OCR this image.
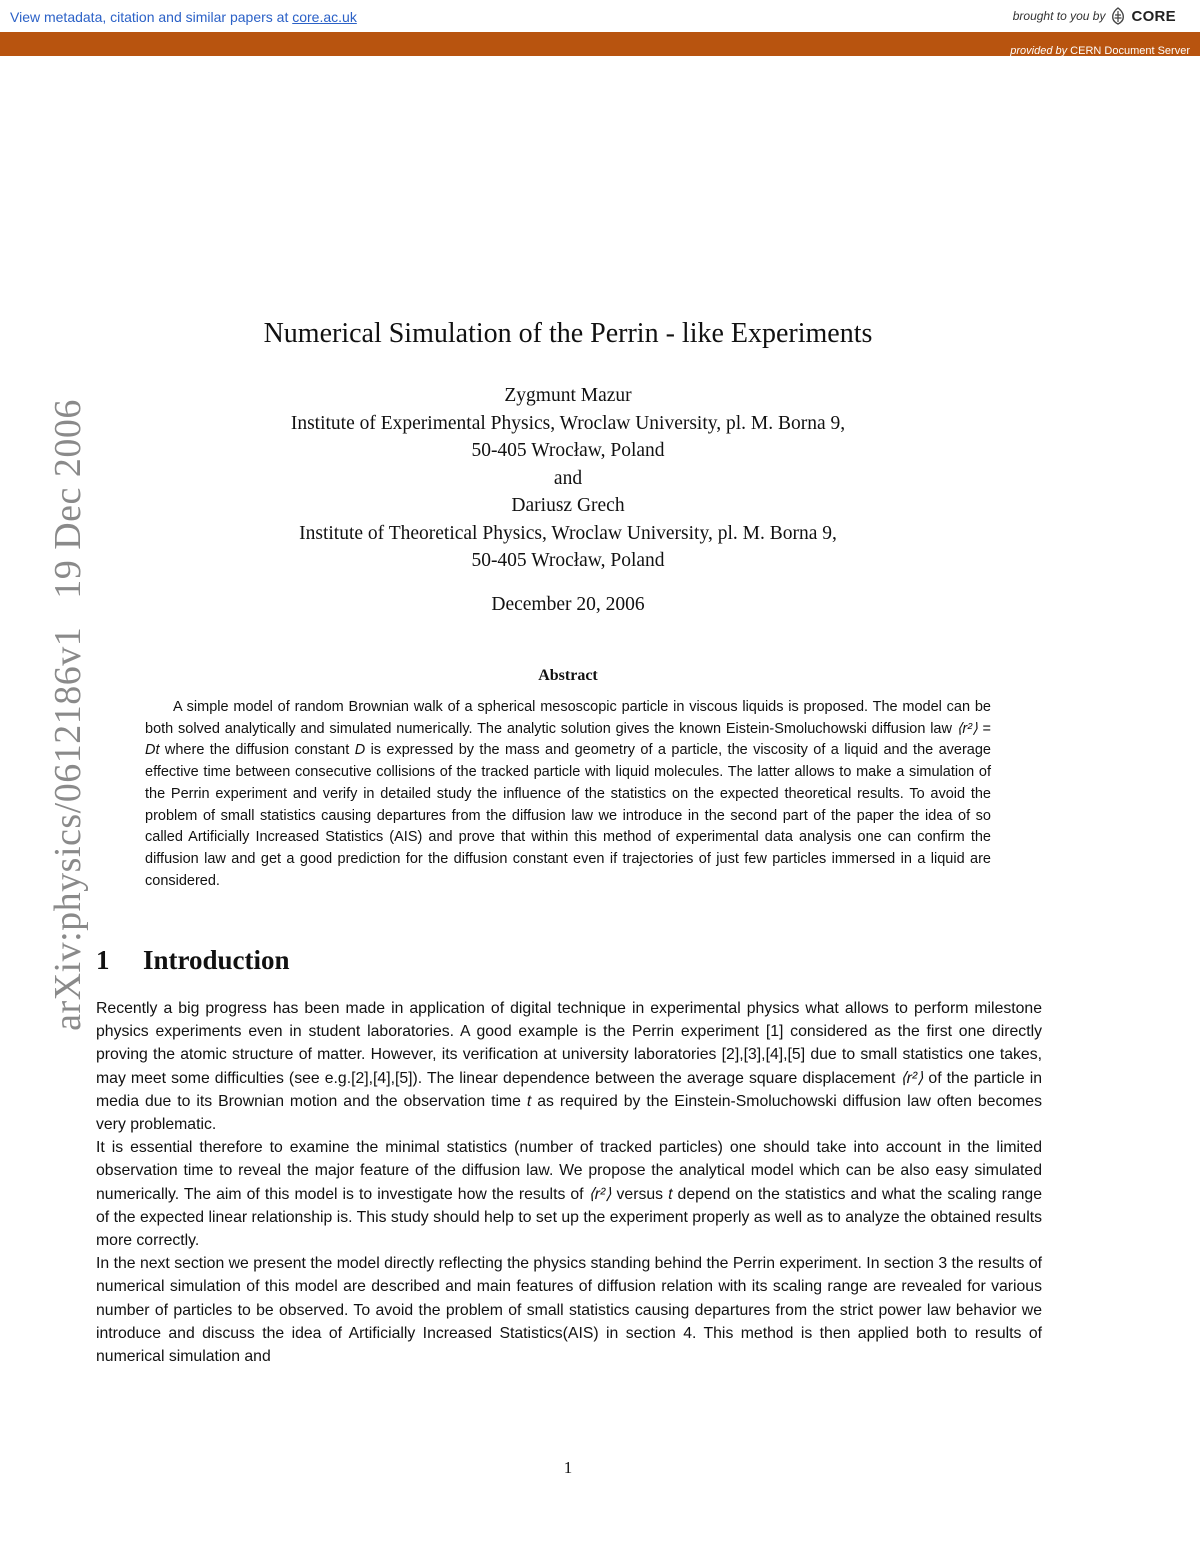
View metadata, citation and similar papers at core.ac.uk	brought to you by CORE
provided by CERN Document Server
arXiv:physics/0612186v119 Dec 2006
Numerical Simulation of the Perrin - like Experiments
Zygmunt Mazur
Institute of Experimental Physics, Wroclaw University, pl. M. Borna 9,
50-405 Wrocław, Poland
and
Dariusz Grech
Institute of Theoretical Physics, Wroclaw University, pl. M. Borna 9,
50-405 Wrocław, Poland
December 20, 2006
Abstract
A simple model of random Brownian walk of a spherical mesoscopic particle in viscous liquids is proposed. The model can be both solved analytically and simulated numerically. The analytic solution gives the known Eistein-Smoluchowski diffusion law ⟨r²⟩ = Dt where the diffusion constant D is expressed by the mass and geometry of a particle, the viscosity of a liquid and the average effective time between consecutive collisions of the tracked particle with liquid molecules. The latter allows to make a simulation of the Perrin experiment and verify in detailed study the influence of the statistics on the expected theoretical results. To avoid the problem of small statistics causing departures from the diffusion law we introduce in the second part of the paper the idea of so called Artificially Increased Statistics (AIS) and prove that within this method of experimental data analysis one can confirm the diffusion law and get a good prediction for the diffusion constant even if trajectories of just few particles immersed in a liquid are considered.
1 Introduction

Recently a big progress has been made in application of digital technique in experimental physics what allows to perform milestone physics experiments even in student laboratories. A good example is the Perrin experiment [1] considered as the first one directly proving the atomic structure of matter. However, its verification at university laboratories [2],[3],[4],[5] due to small statistics one takes, may meet some difficulties (see e.g.[2],[4],[5]). The linear dependence between the average square displacement ⟨r²⟩ of the particle in media due to its Brownian motion and the observation time t as required by the Einstein-Smoluchowski diffusion law often becomes very problematic.

It is essential therefore to examine the minimal statistics (number of tracked particles) one should take into account in the limited observation time to reveal the major feature of the diffusion law. We propose the analytical model which can be also easy simulated numerically. The aim of this model is to investigate how the results of ⟨r²⟩ versus t depend on the statistics and what the scaling range of the expected linear relationship is. This study should help to set up the experiment properly as well as to analyze the obtained results more correctly.

In the next section we present the model directly reflecting the physics standing behind the Perrin experiment. In section 3 the results of numerical simulation of this model are described and main features of diffusion relation with its scaling range are revealed for various number of particles to be observed. To avoid the problem of small statistics causing departures from the strict power law behavior we introduce and discuss the idea of Artificially Increased Statistics(AIS) in section 4. This method is then applied both to results of numerical simulation and

1
